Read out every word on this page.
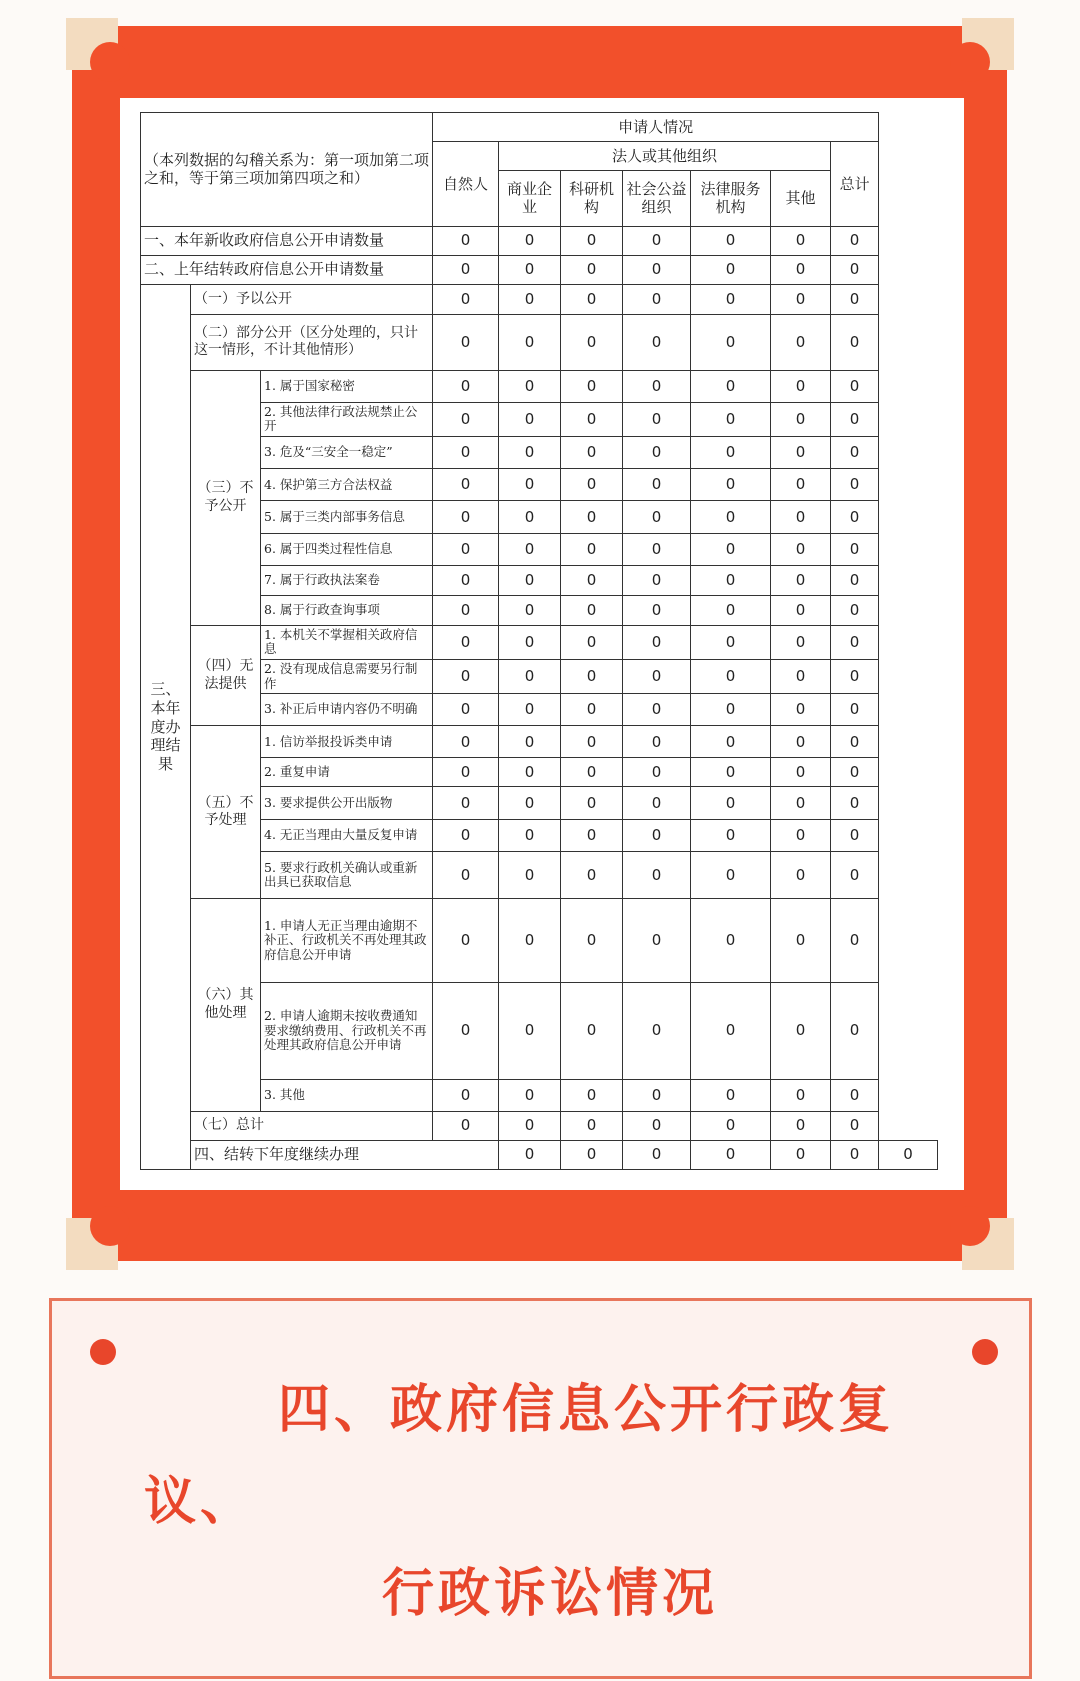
（本列数据的勾稽关系为：第一项加第二项之和，等于第三项加第四项之和）			申请人情况							
			自然人	法人或其他组织					总计	
				商业企业	科研机构	社会公益组织	法律服务机构	其他		
一、本年新收政府信息公开申请数量			0	0	0	0	0	0	0	
二、上年结转政府信息公开申请数量			0	0	0	0	0	0	0	
三、本年度办理结果	（一）予以公开		0	0	0	0	0	0	0	
	（二）部分公开（区分处理的，只计这一情形，不计其他情形）		0	0	0	0	0	0	0	
	（三）不予公开	1. 属于国家秘密	0	0	0	0	0	0	0	
		2. 其他法律行政法规禁止公开	0	0	0	0	0	0	0	
		3. 危及“三安全一稳定”	0	0	0	0	0	0	0	
		4. 保护第三方合法权益	0	0	0	0	0	0	0	
		5. 属于三类内部事务信息	0	0	0	0	0	0	0	
		6. 属于四类过程性信息	0	0	0	0	0	0	0	
		7. 属于行政执法案卷	0	0	0	0	0	0	0	
		8. 属于行政查询事项	0	0	0	0	0	0	0	
	（四）无法提供	1. 本机关不掌握相关政府信息	0	0	0	0	0	0	0	
		2. 没有现成信息需要另行制作	0	0	0	0	0	0	0	
		3. 补正后申请内容仍不明确	0	0	0	0	0	0	0	
	（五）不予处理	1. 信访举报投诉类申请	0	0	0	0	0	0	0	
		2. 重复申请	0	0	0	0	0	0	0	
		3. 要求提供公开出版物	0	0	0	0	0	0	0	
		4. 无正当理由大量反复申请	0	0	0	0	0	0	0	
		5. 要求行政机关确认或重新出具已获取信息	0	0	0	0	0	0	0	
	（六）其他处理	1. 申请人无正当理由逾期不补正、行政机关不再处理其政府信息公开申请	0	0	0	0	0	0	0	
		2. 申请人逾期未按收费通知要求缴纳费用、行政机关不再处理其政府信息公开申请	0	0	0	0	0	0	0	
		3. 其他	0	0	0	0	0	0	0	
	（七）总计		0	0	0	0	0	0	0	
	四、结转下年度继续办理			0	0	0	0	0	0	0
四、政府信息公开行政复
议、
行政诉讼情况
